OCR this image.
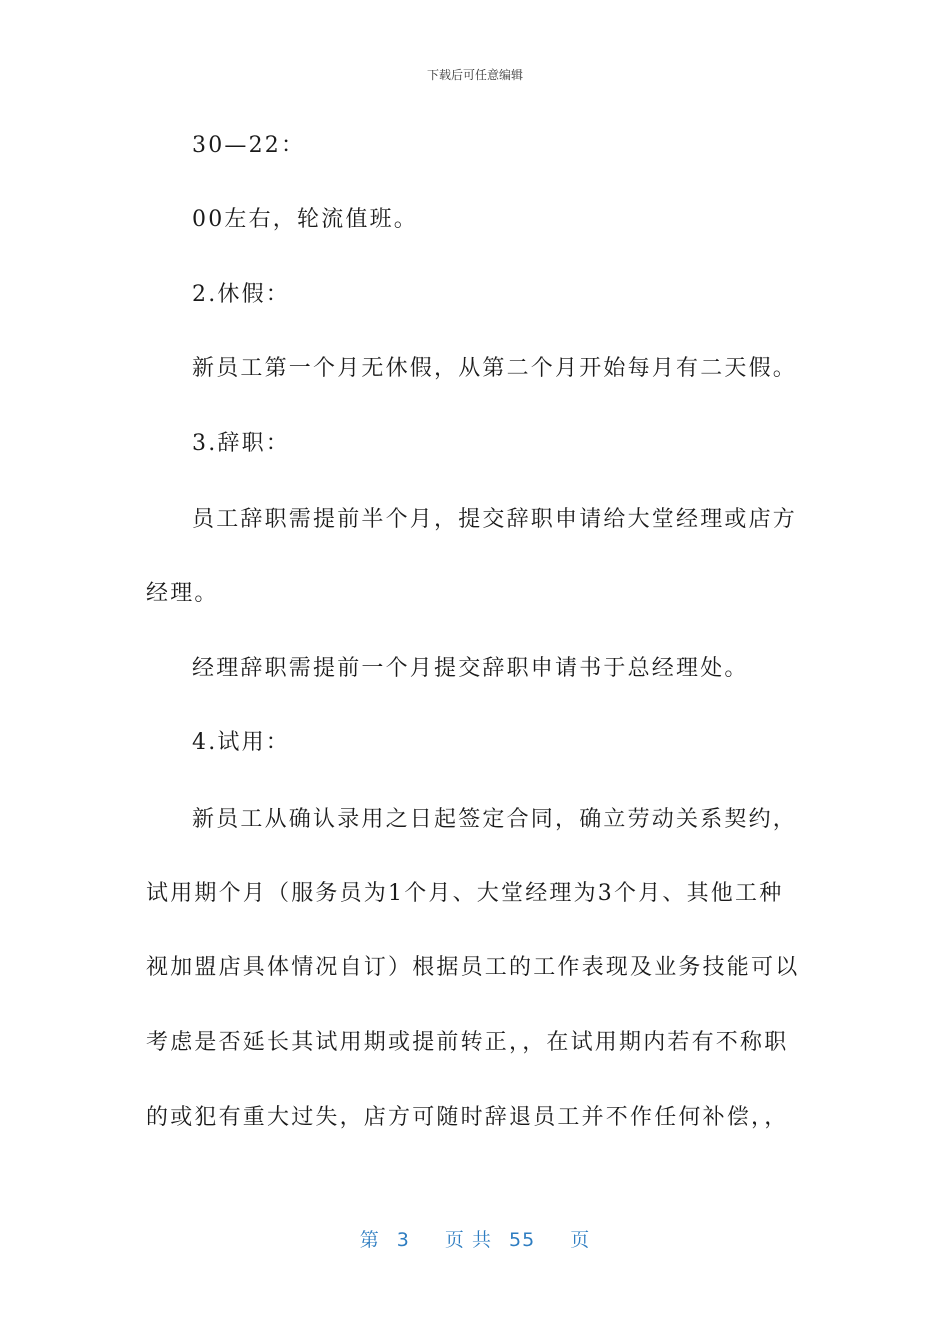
下载后可任意编辑
30—22：
00左右，轮流值班。
2.休假：
新员工第一个月无休假，从第二个月开始每月有二天假。
3.辞职：
员工辞职需提前半个月，提交辞职申请给大堂经理或店方
经理。
经理辞职需提前一个月提交辞职申请书于总经理处。
4.试用：
新员工从确认录用之日起签定合同，确立劳动关系契约，
试用期个月（服务员为1个月、大堂经理为3个月、其他工种
视加盟店具体情况自订）根据员工的工作表现及业务技能可以
考虑是否延长其试用期或提前转正，，在试用期内若有不称职
的或犯有重大过失，店方可随时辞退员工并不作任何补偿，，
第 3 页 共 55 页
